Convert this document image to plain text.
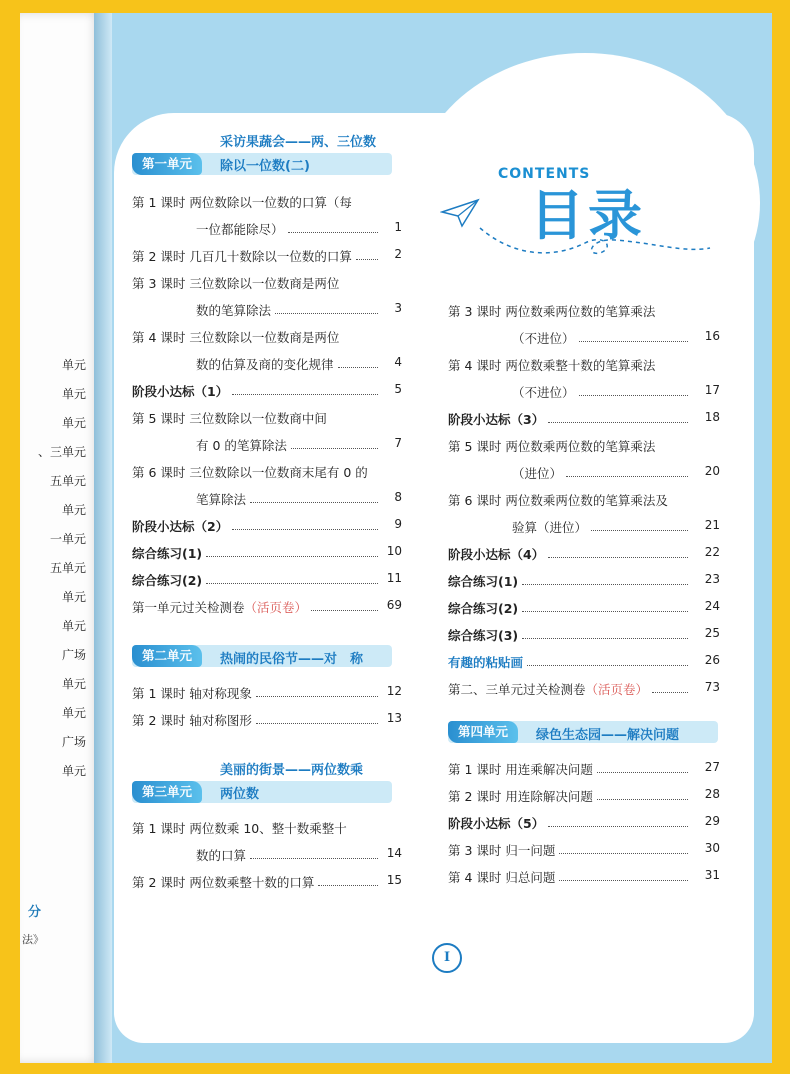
单元
单元
单元
、三单元
五单元
单元
一单元
五单元
单元
单元
广场
单元
单元
广场
单元
分
法》
CONTENTS
目录
I
第一单元
采访果蔬会——两、三位数
除以一位数(二)
第 1 课时 两位数除以一位数的口算（每
一位都能除尽）	1
第 2 课时 几百几十数除以一位数的口算	2
第 3 课时 三位数除以一位数商是两位
数的笔算除法	3
第 4 课时 三位数除以一位数商是两位
数的估算及商的变化规律	4
阶段小达标（1）	5
第 5 课时 三位数除以一位数商中间
有 0 的笔算除法	7
第 6 课时 三位数除以一位数商末尾有 0 的
笔算除法	8
阶段小达标（2）	9
综合练习(1)	10
综合练习(2)	11
第一单元过关检测卷（活页卷）	69
第二单元	热闹的民俗节——对　称
第 1 课时 轴对称现象	12
第 2 课时 轴对称图形	13
第三单元
美丽的街景——两位数乘
两位数
第 1 课时 两位数乘 10、整十数乘整十
数的口算	14
第 2 课时 两位数乘整十数的口算	15
第 3 课时 两位数乘两位数的笔算乘法
（不进位）	16
第 4 课时 两位数乘整十数的笔算乘法
（不进位）	17
阶段小达标（3）	18
第 5 课时 两位数乘两位数的笔算乘法
（进位）	20
第 6 课时 两位数乘两位数的笔算乘法及
验算（进位）	21
阶段小达标（4）	22
综合练习(1)	23
综合练习(2)	24
综合练习(3)	25
有趣的粘贴画	26
第二、三单元过关检测卷（活页卷）	73
第四单元	绿色生态园——解决问题
第 1 课时 用连乘解决问题	27
第 2 课时 用连除解决问题	28
阶段小达标（5）	29
第 3 课时 归一问题	30
第 4 课时 归总问题	31
